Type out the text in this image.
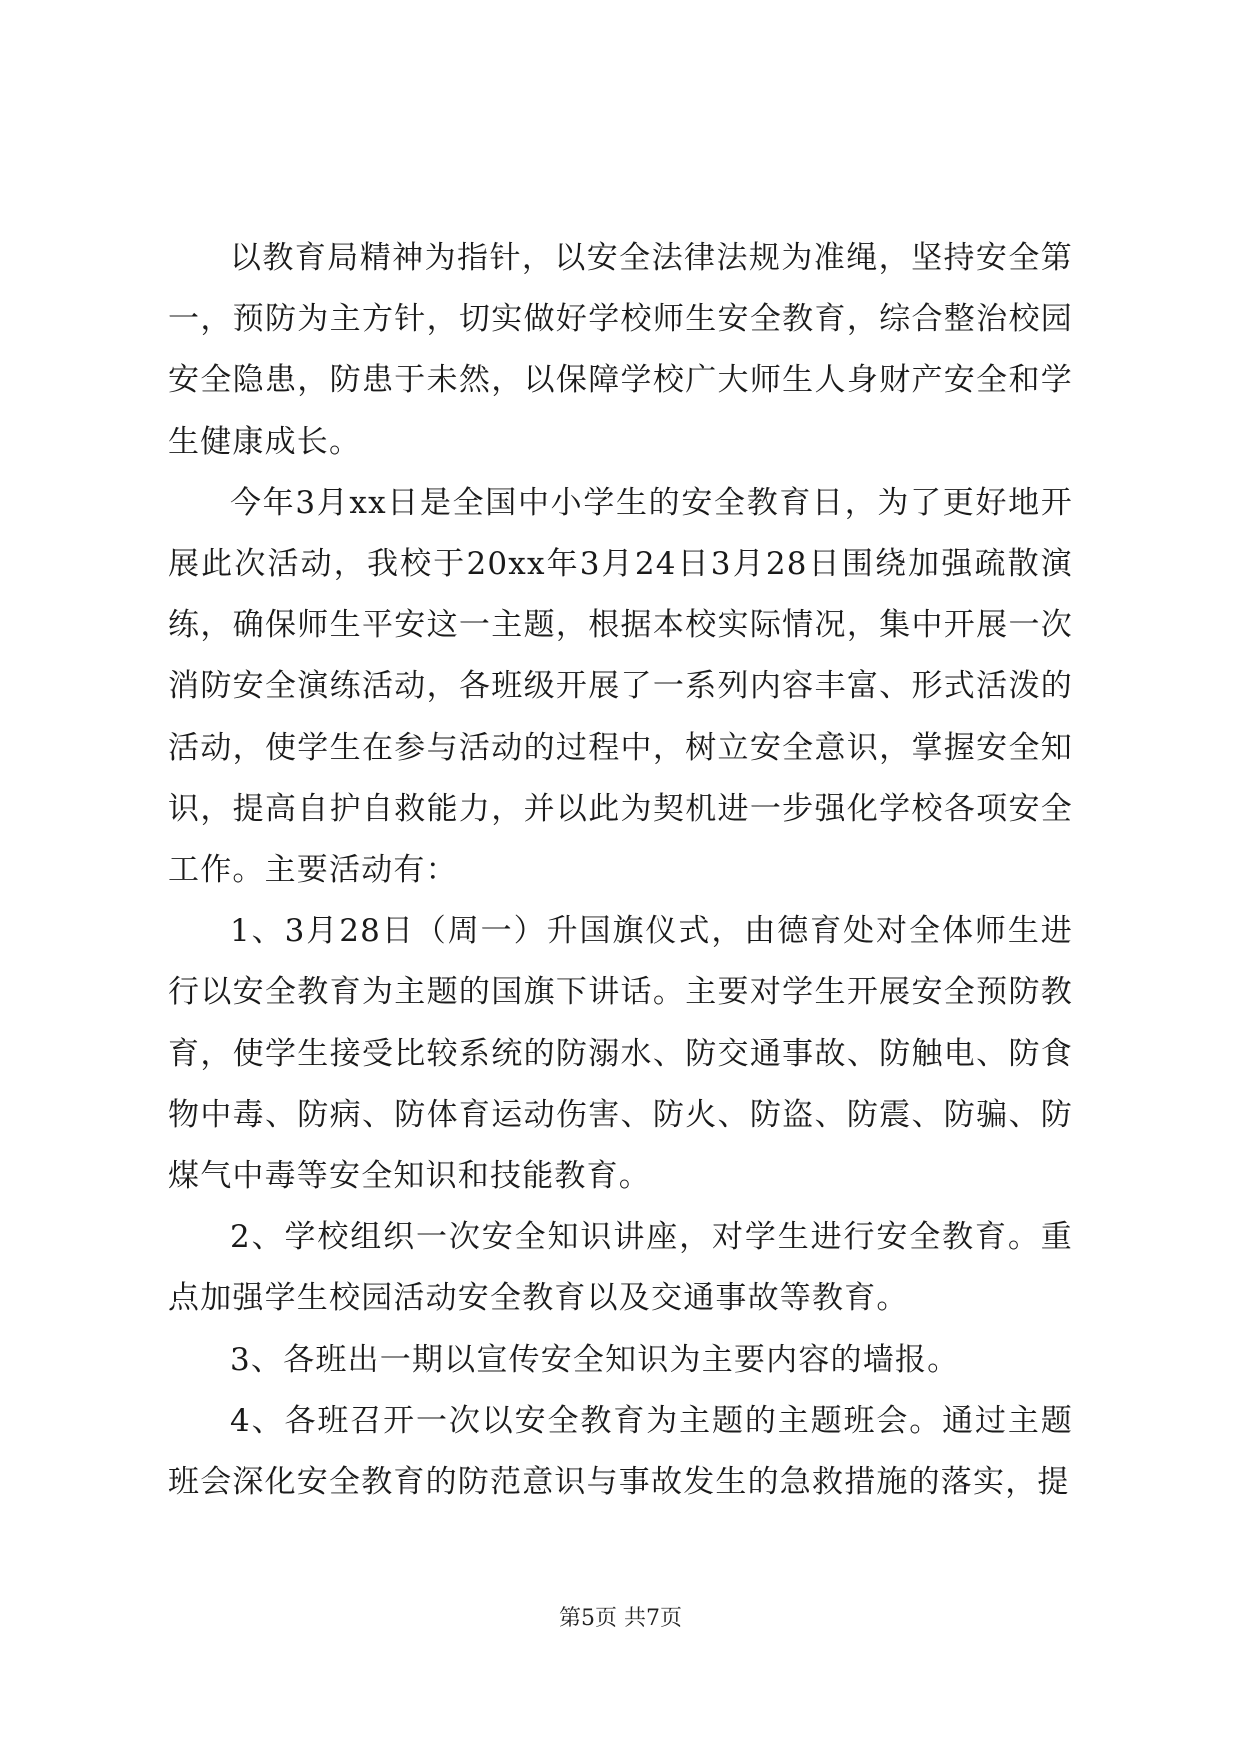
以教育局精神为指针，以安全法律法规为准绳，坚持安全第一，预防为主方针，切实做好学校师生安全教育，综合整治校园安全隐患，防患于未然，以保障学校广大师生人身财产安全和学生健康成长。

今年3月xx日是全国中小学生的安全教育日，为了更好地开展此次活动，我校于20xx年3月24日3月28日围绕加强疏散演练，确保师生平安这一主题，根据本校实际情况，集中开展一次消防安全演练活动，各班级开展了一系列内容丰富、形式活泼的活动，使学生在参与活动的过程中，树立安全意识，掌握安全知识，提高自护自救能力，并以此为契机进一步强化学校各项安全工作。主要活动有：

1、3月28日（周一）升国旗仪式，由德育处对全体师生进行以安全教育为主题的国旗下讲话。主要对学生开展安全预防教育，使学生接受比较系统的防溺水、防交通事故、防触电、防食物中毒、防病、防体育运动伤害、防火、防盗、防震、防骗、防煤气中毒等安全知识和技能教育。

2、学校组织一次安全知识讲座，对学生进行安全教育。重点加强学生校园活动安全教育以及交通事故等教育。

3、各班出一期以宣传安全知识为主要内容的墙报。

4、各班召开一次以安全教育为主题的主题班会。通过主题班会深化安全教育的防范意识与事故发生的急救措施的落实，提

第5页 共7页
